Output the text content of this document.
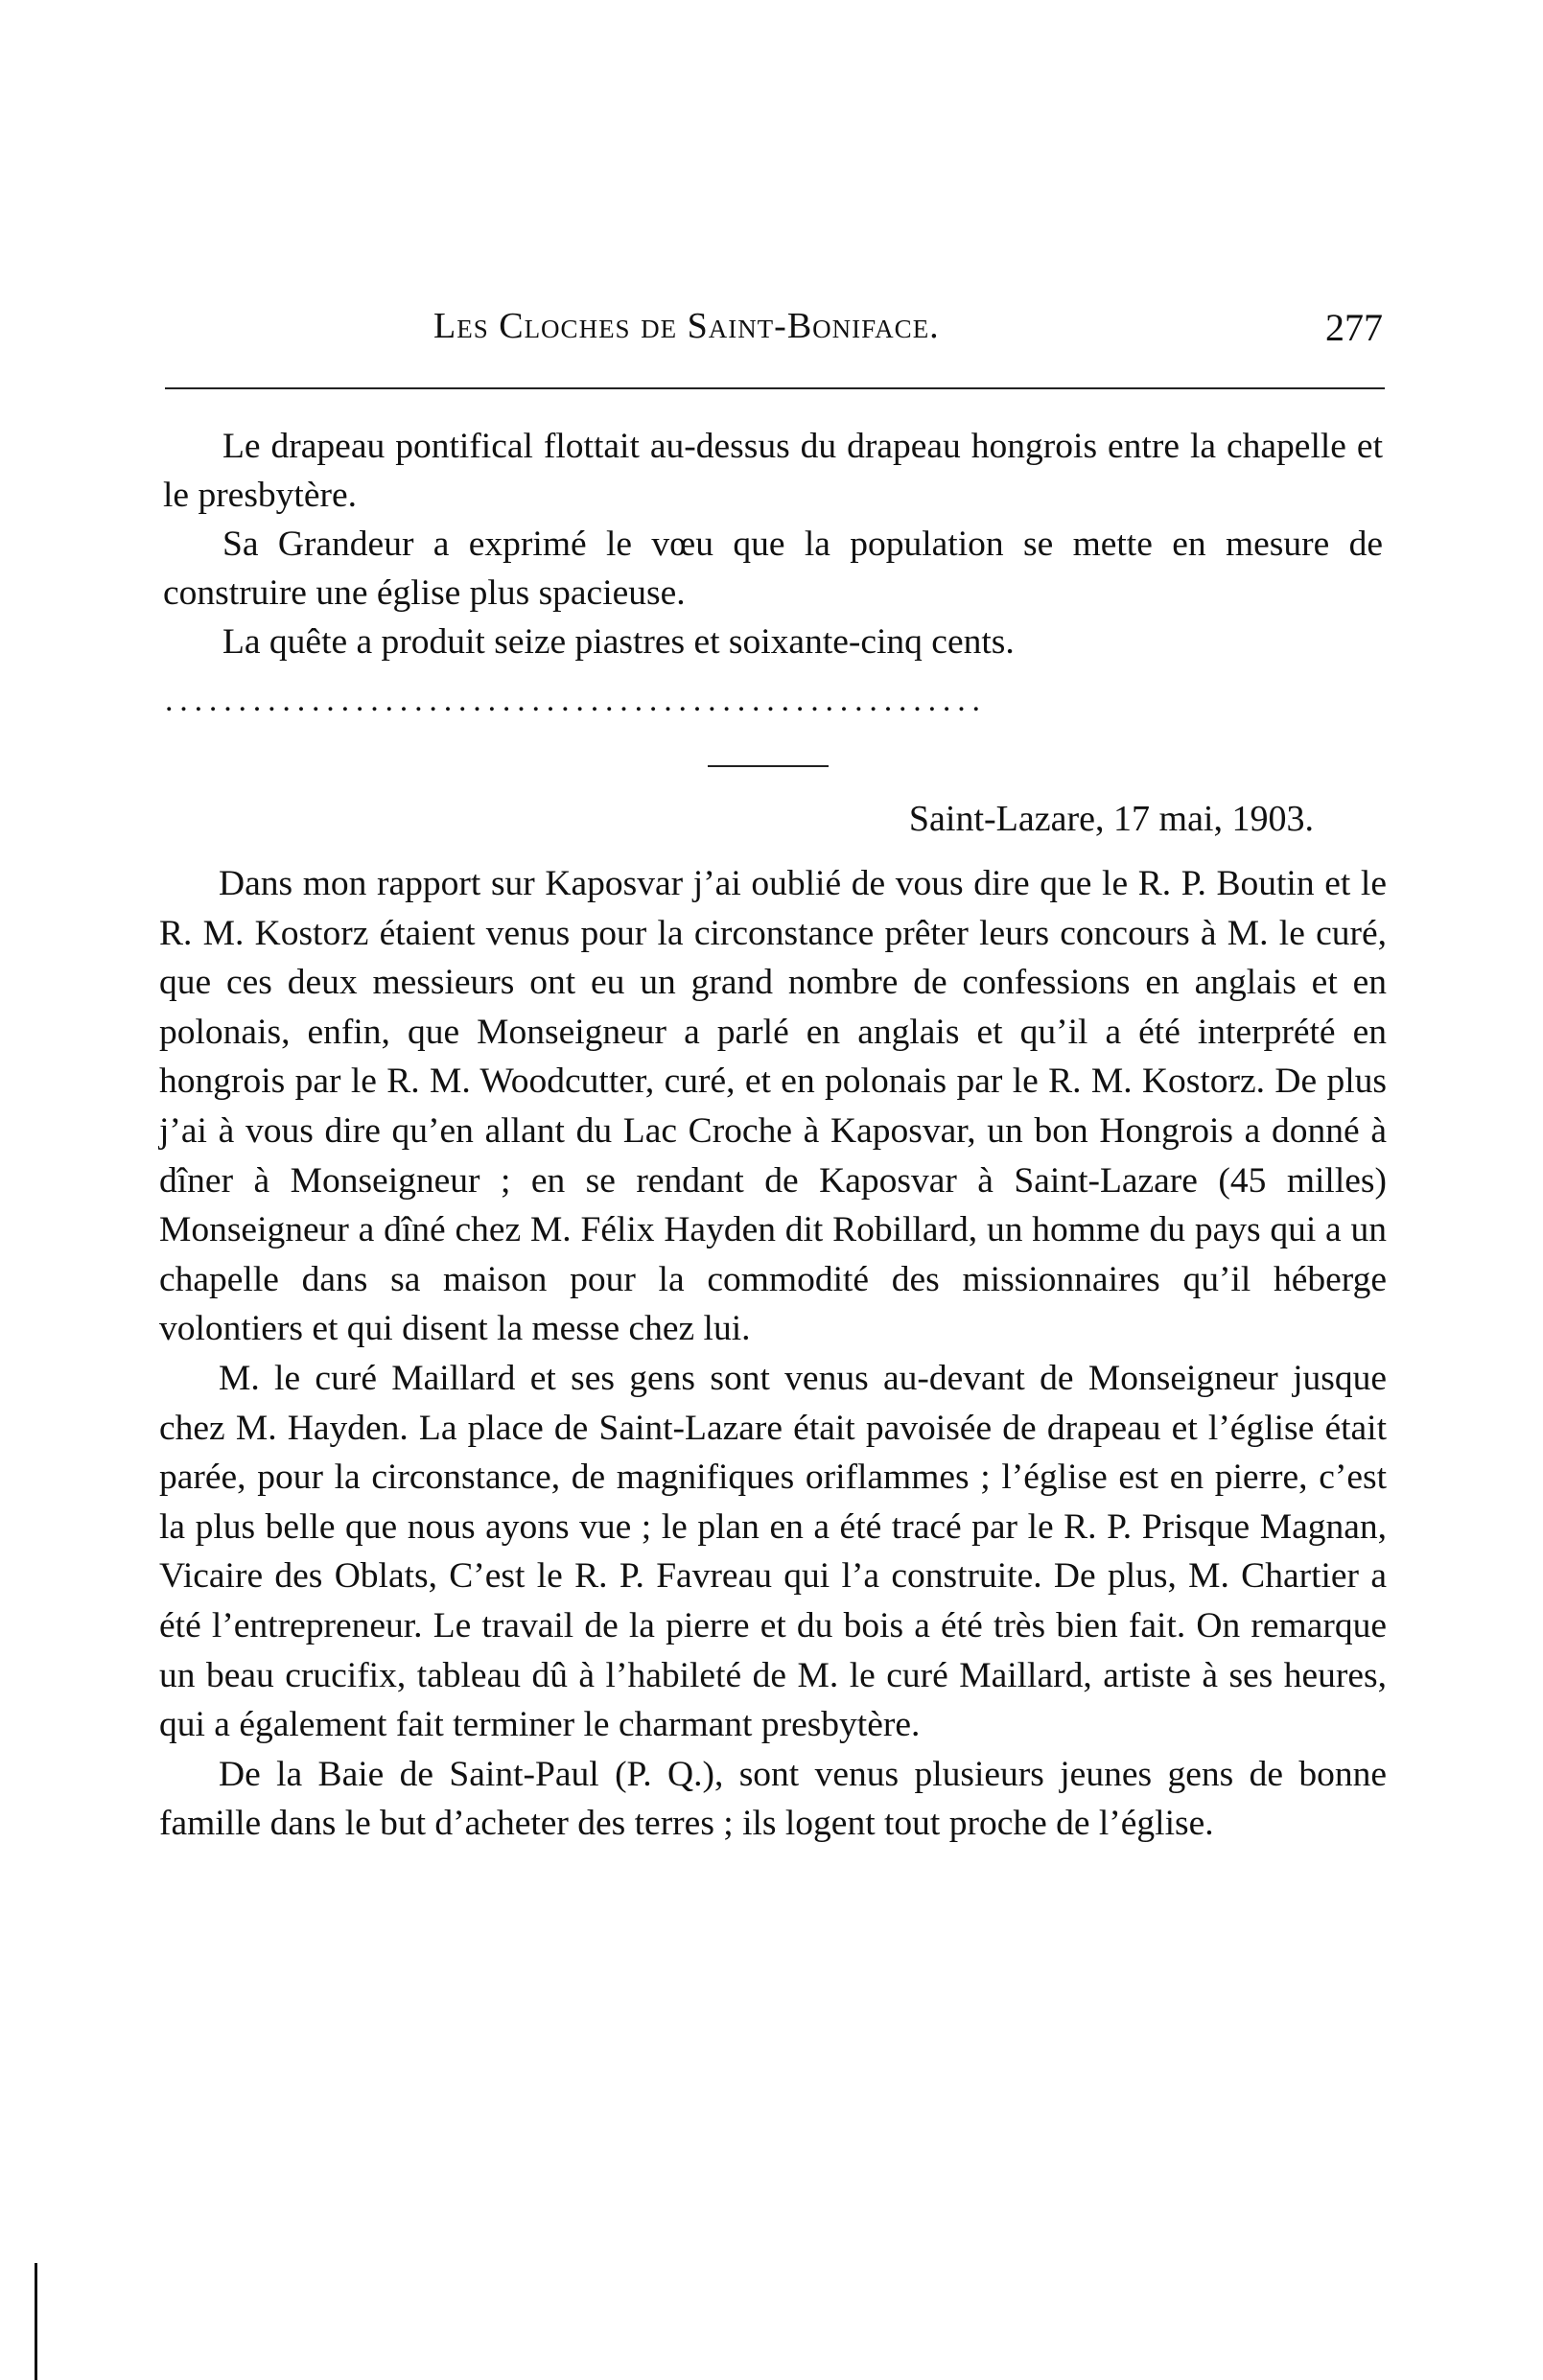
Les Cloches de Saint-Boniface.	277

Le drapeau pontifical flottait au-dessus du drapeau hongrois entre la chapelle et le presbytère.

Sa Grandeur a exprimé le vœu que la population se mette en mesure de construire une église plus spacieuse.

La quête a produit seize piastres et soixante-cinq cents.

........................................................
Saint-Lazare, 17 mai, 1903.

Dans mon rapport sur Kaposvar j’ai oublié de vous dire que le R. P. Boutin et le R. M. Kostorz étaient venus pour la circonstance prêter leurs concours à M. le curé, que ces deux messieurs ont eu un grand nombre de confessions en anglais et en polonais, enfin, que Monseigneur a parlé en anglais et qu’il a été interprété en hongrois par le R. M. Woodcutter, curé, et en polonais par le R. M. Kostorz. De plus j’ai à vous dire qu’en allant du Lac Croche à Kaposvar, un bon Hongrois a donné à dîner à Monseigneur ; en se rendant de Kaposvar à Saint-Lazare (45 milles) Monseigneur a dîné chez M. Félix Hayden dit Robillard, un homme du pays qui a un chapelle dans sa maison pour la commodité des missionnaires qu’il héberge volontiers et qui disent la messe chez lui.

M. le curé Maillard et ses gens sont venus au-devant de Monseigneur jusque chez M. Hayden. La place de Saint-Lazare était pavoisée de drapeau et l’église était parée, pour la circonstance, de magnifiques oriflammes ; l’église est en pierre, c’est la plus belle que nous ayons vue ; le plan en a été tracé par le R. P. Prisque Magnan, Vicaire des Oblats, C’est le R. P. Favreau qui l’a construite. De plus, M. Chartier a été l’entrepreneur. Le travail de la pierre et du bois a été très bien fait. On remarque un beau crucifix, tableau dû à l’habileté de M. le curé Maillard, artiste à ses heures, qui a également fait terminer le charmant presbytère.

De la Baie de Saint-Paul (P. Q.), sont venus plusieurs jeunes gens de bonne famille dans le but d’acheter des terres ; ils logent tout proche de l’église.
